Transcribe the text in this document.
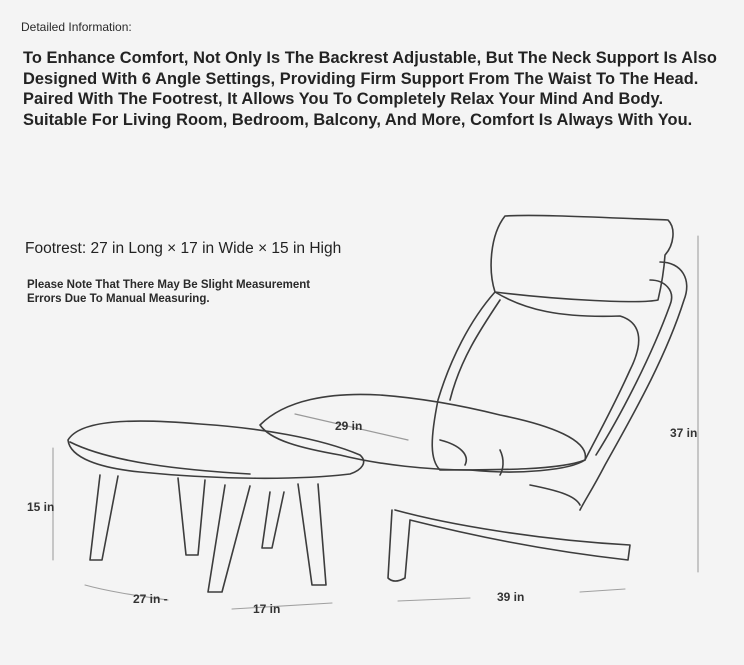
Detailed Information:
To Enhance Comfort, Not Only Is The Backrest Adjustable, But The Neck Support Is Also
Designed With 6 Angle Settings, Providing Firm Support From The Waist To The Head.
Paired With The Footrest, It Allows You To Completely Relax Your Mind And Body.
Suitable For Living Room, Bedroom, Balcony, And More, Comfort Is Always With You.
Footrest: 27 in Long × 17 in Wide × 15 in High
Please Note That There May Be Slight Measurement
Errors Due To Manual Measuring.
29 in	37 in
15 in
27 in -
17 in
39 in
